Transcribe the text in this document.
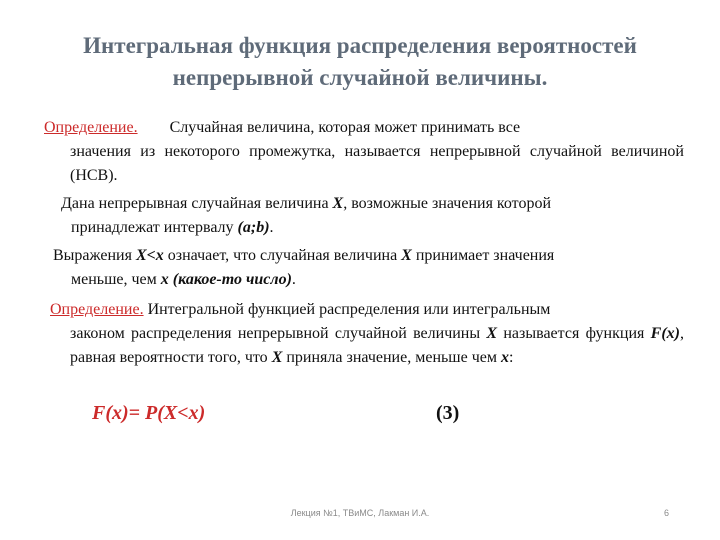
Интегральная функция распределения вероятностей
непрерывной случайной величины.
Определение. Случайная величина, которая может принимать все
значения из некоторого промежутка, называется непрерывной случайной величиной (НСВ).
Дана непрерывная случайная величина X, возможные значения которой
принадлежат интервалу (a;b).
Выражения X<x означает, что случайная величина X принимает значения
меньше, чем x (какое-то число).
Определение. Интегральной функцией распределения или интегральным
законом распределения непрерывной случайной величины X называется функция F(x), равная вероятности того, что X приняла значение, меньше чем x:
F(x)= P(X<x)	(3)
Лекция №1, ТВиМС, Лакман И.А.	6
